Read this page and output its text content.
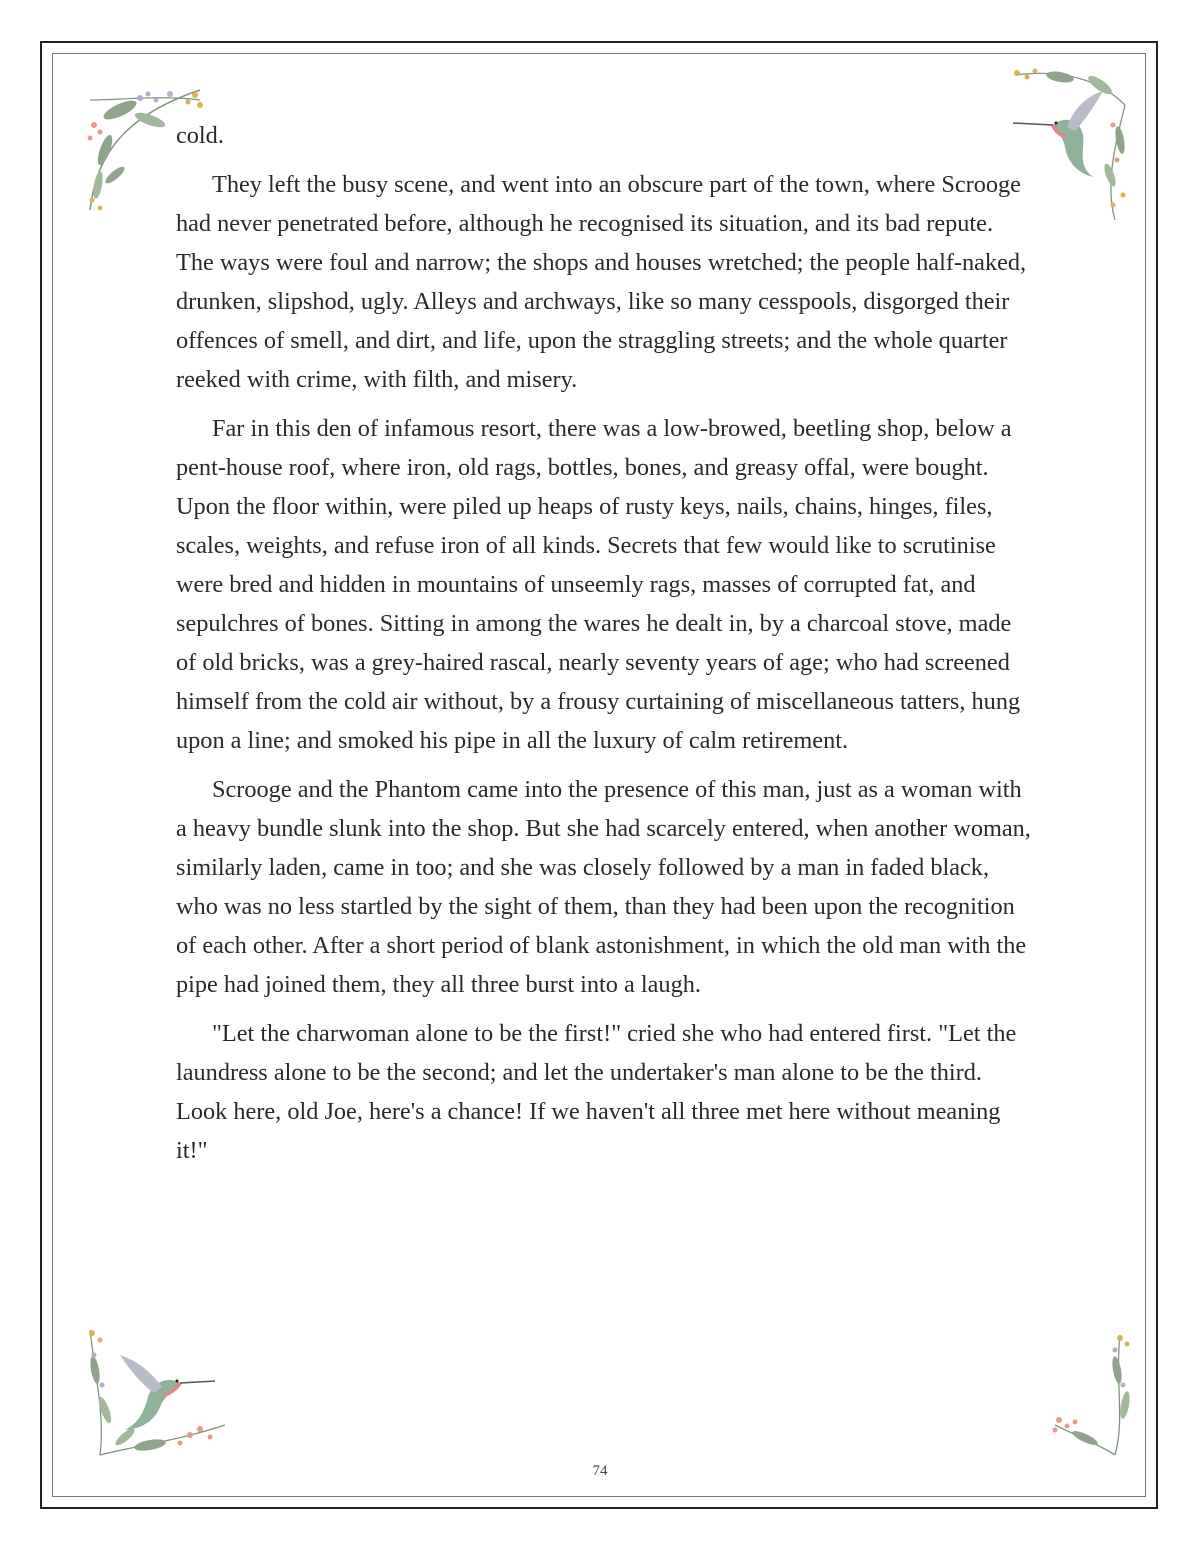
cold.

They left the busy scene, and went into an obscure part of the town, where Scrooge had never penetrated before, although he recognised its situation, and its bad repute. The ways were foul and narrow; the shops and houses wretched; the people half-naked, drunken, slipshod, ugly. Alleys and archways, like so many cesspools, disgorged their offences of smell, and dirt, and life, upon the straggling streets; and the whole quarter reeked with crime, with filth, and misery.

Far in this den of infamous resort, there was a low-browed, beetling shop, below a pent-house roof, where iron, old rags, bottles, bones, and greasy offal, were bought. Upon the floor within, were piled up heaps of rusty keys, nails, chains, hinges, files, scales, weights, and refuse iron of all kinds. Secrets that few would like to scrutinise were bred and hidden in mountains of unseemly rags, masses of corrupted fat, and sepulchres of bones. Sitting in among the wares he dealt in, by a charcoal stove, made of old bricks, was a grey-haired rascal, nearly seventy years of age; who had screened himself from the cold air without, by a frousy curtaining of miscellaneous tatters, hung upon a line; and smoked his pipe in all the luxury of calm retirement.

Scrooge and the Phantom came into the presence of this man, just as a woman with a heavy bundle slunk into the shop. But she had scarcely entered, when another woman, similarly laden, came in too; and she was closely followed by a man in faded black, who was no less startled by the sight of them, than they had been upon the recognition of each other. After a short period of blank astonishment, in which the old man with the pipe had joined them, they all three burst into a laugh.

"Let the charwoman alone to be the first!" cried she who had entered first. "Let the laundress alone to be the second; and let the undertaker's man alone to be the third. Look here, old Joe, here's a chance! If we haven't all three met here without meaning it!"

74
